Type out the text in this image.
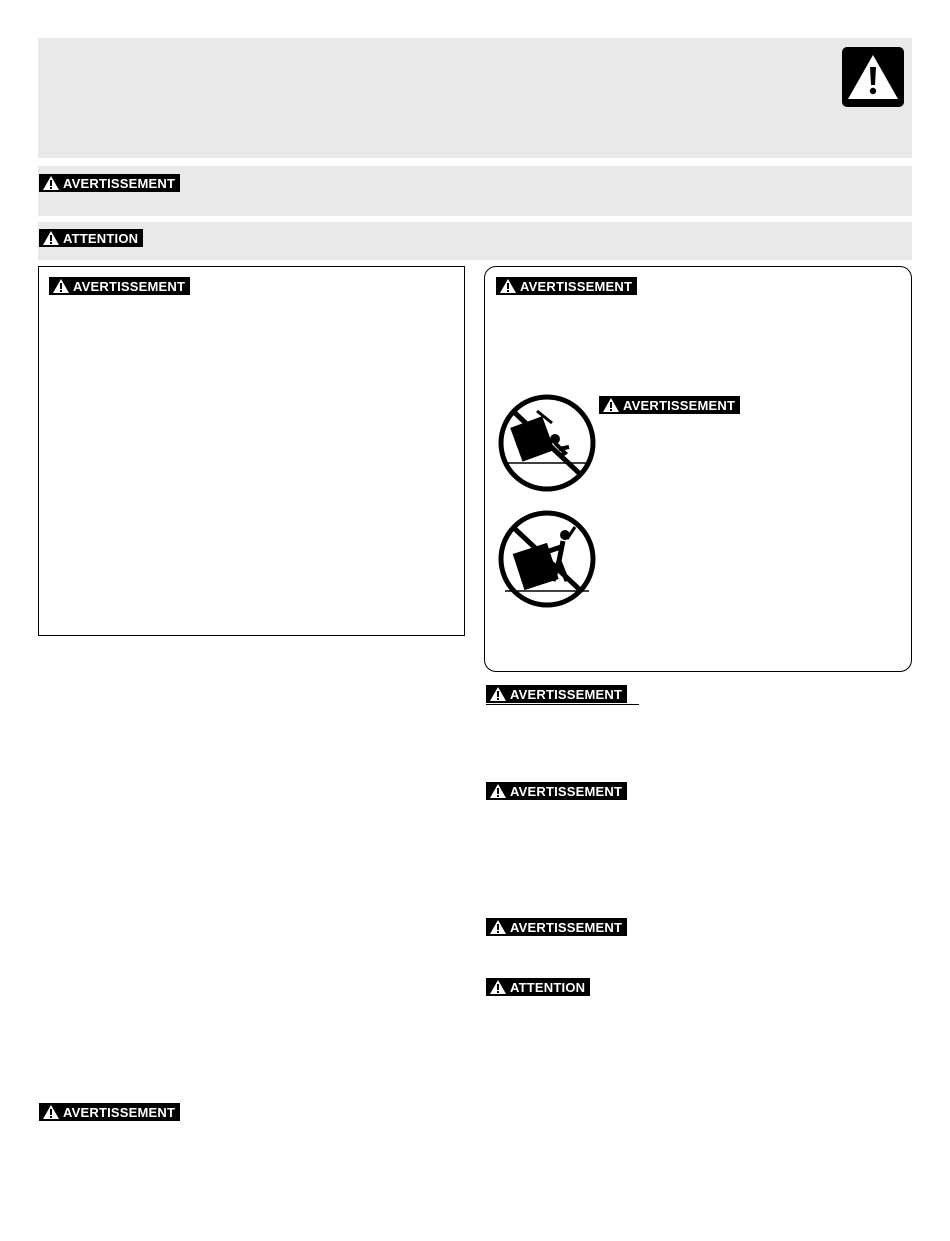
AVERTISSEMENT
ATTENTION
AVERTISSEMENT	AVERTISSEMENT
AVERTISSEMENT
AVERTISSEMENT
AVERTISSEMENT
AVERTISSEMENT
ATTENTION
AVERTISSEMENT
